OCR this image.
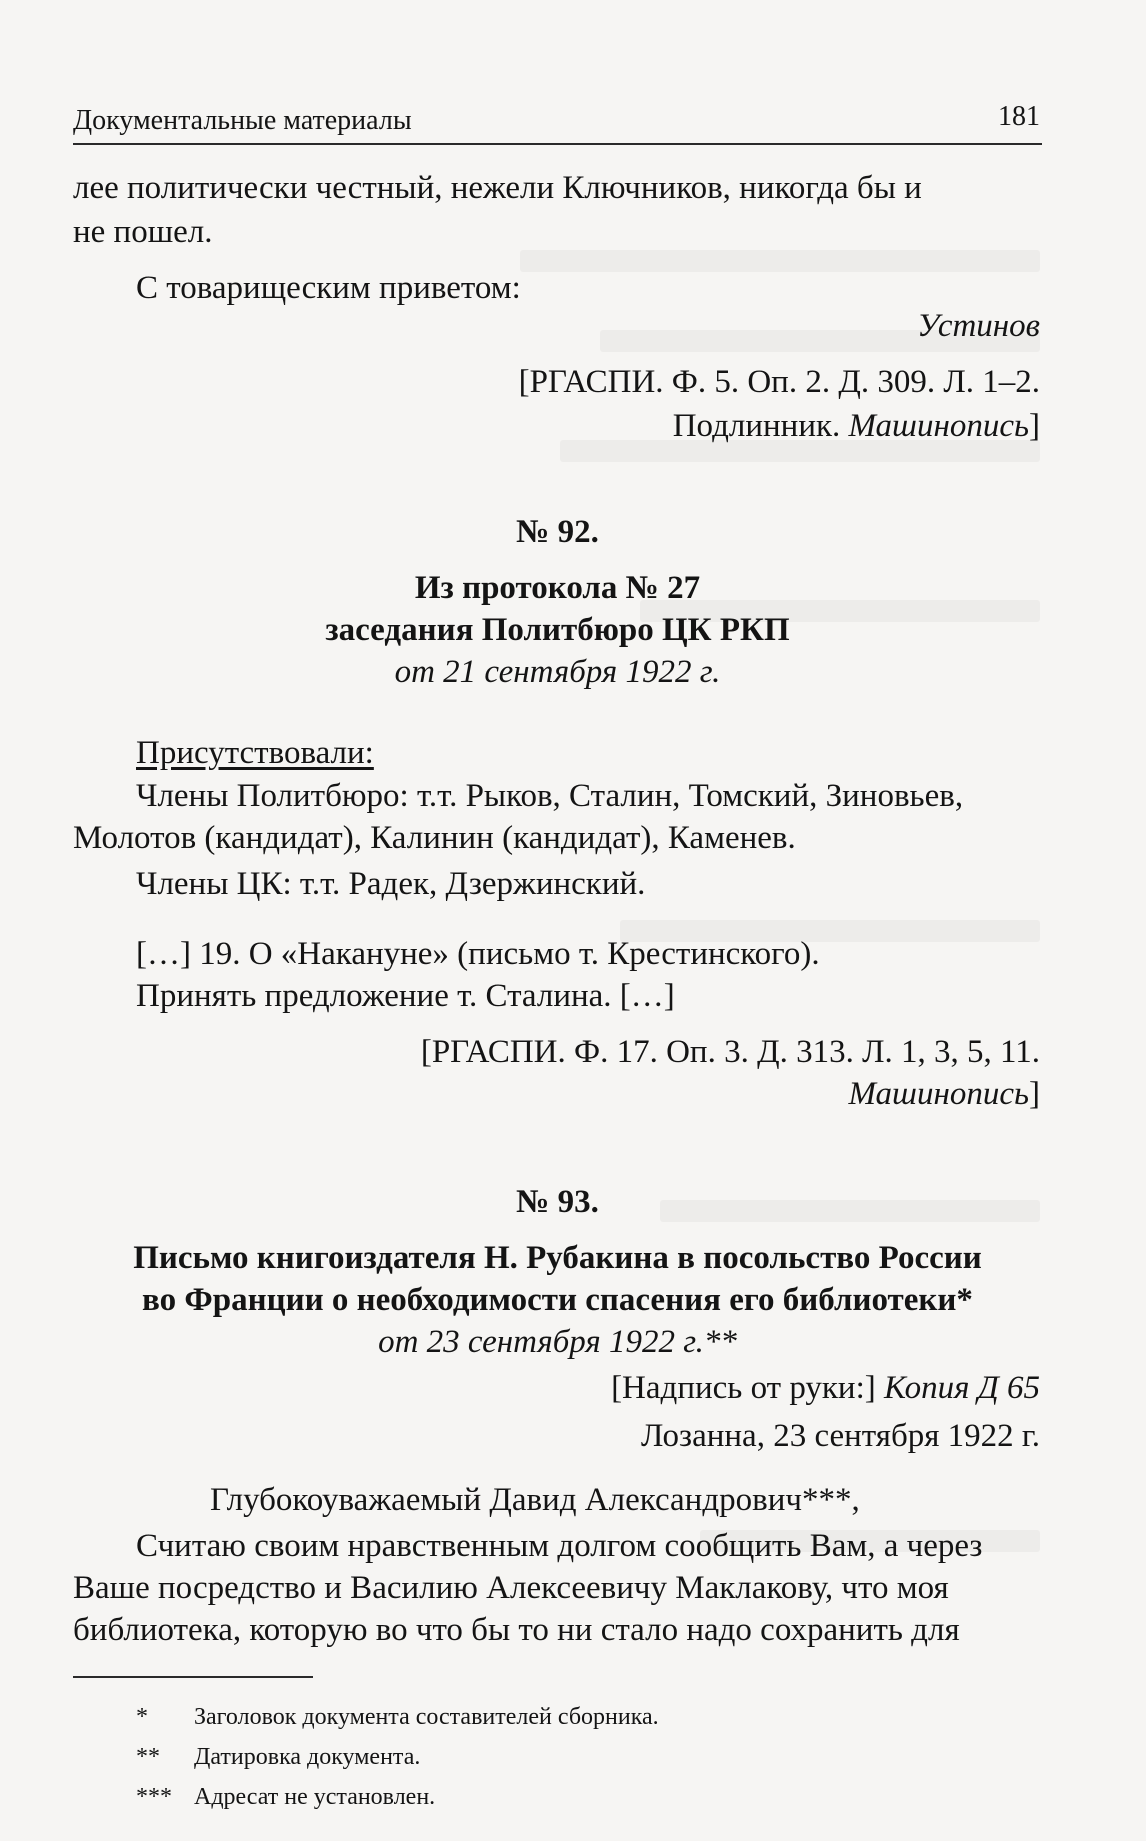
Документальные материалы	181
лее политически честный, нежели Ключников, никогда бы и
не пошел.
С товарищеским приветом:
Устинов
[РГАСПИ. Ф. 5. Оп. 2. Д. 309. Л. 1–2.
Подлинник. Машинопись]
№ 92.
Из протокола № 27
заседания Политбюро ЦК РКП
от 21 сентября 1922 г.
Присутствовали:
Члены Политбюро: т.т. Рыков, Сталин, Томский, Зиновьев,
Молотов (кандидат), Калинин (кандидат), Каменев.
Члены ЦК: т.т. Радек, Дзержинский.
[…] 19. О «Накануне» (письмо т. Крестинского).
Принять предложение т. Сталина. […]
[РГАСПИ. Ф. 17. Оп. 3. Д. 313. Л. 1, 3, 5, 11.
Машинопись]
№ 93.
Письмо книгоиздателя Н. Рубакина в посольство России
во Франции о необходимости спасения его библиотеки*
от 23 сентября 1922 г.**
[Надпись от руки:] Копия Д 65
Лозанна, 23 сентября 1922 г.
Глубокоуважаемый Давид Александрович***,
Считаю своим нравственным долгом сообщить Вам, а через
Ваше посредство и Василию Алексеевичу Маклакову, что моя
библиотека, которую во что бы то ни стало надо сохранить для
* Заголовок документа составителей сборника.
** Датировка документа.
*** Адресат не установлен.
